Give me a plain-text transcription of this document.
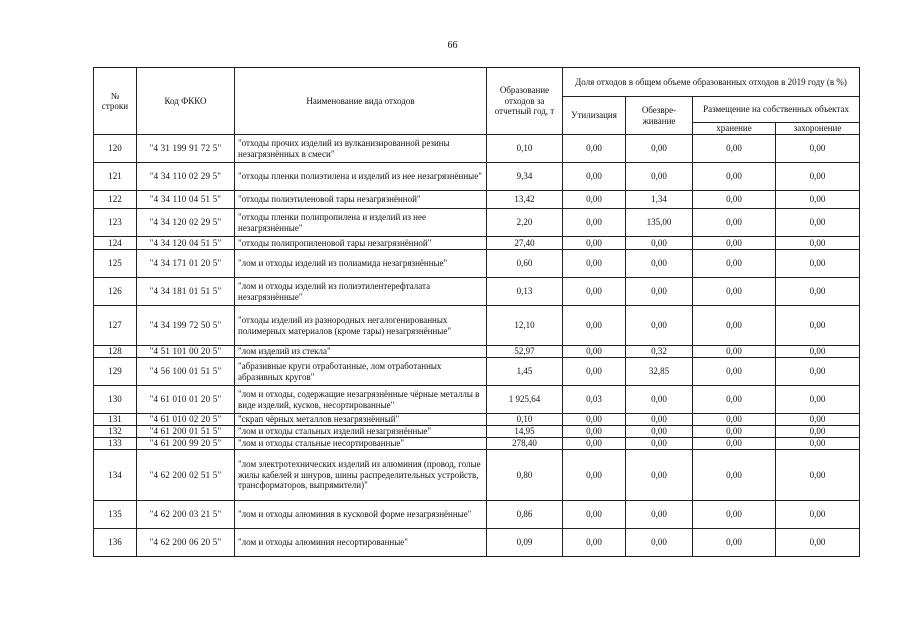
66
№ строки	Код ФККО	Наименование вида отходов	Образование отходов за отчетный год, т	Доля отходов в общем объеме образованных отходов в 2019 году (в %)			
				Утилизация	Обезвре- живание	Размещение на собственных объектах	
						хранение	захоронение
120	"4 31 199 91 72 5"	"отходы прочих изделий из вулканизированной резины незагрязнённых в смеси"	0,10	0,00	0,00	0,00	0,00
121	"4 34 110 02 29 5"	"отходы пленки полиэтилена и изделий из нее незагрязнённые"	9,34	0,00	0,00	0,00	0,00
122	"4 34 110 04 51 5"	"отходы полиэтиленовой тары незагрязнённой"	13,42	0,00	1,34	0,00	0,00
123	"4 34 120 02 29 5"	"отходы пленки полипропилена и изделий из нее незагрязнённые"	2,20	0,00	135,00	0,00	0,00
124	"4 34 120 04 51 5"	"отходы полипропиленовой тары незагрязнённой"	27,40	0,00	0,00	0,00	0,00
125	"4 34 171 01 20 5"	"лом и отходы изделий из полиамида незагрязнённые"	0,60	0,00	0,00	0,00	0,00
126	"4 34 181 01 51 5"	"лом и отходы изделий из полиэтилентерефталата незагрязнённые"	0,13	0,00	0,00	0,00	0,00
127	"4 34 199 72 50 5"	"отходы изделий из разнородных негалогенированных полимерных материалов (кроме тары) незагрязнённые"	12,10	0,00	0,00	0,00	0,00
128	"4 51 101 00 20 5"	"лом изделий из стекла"	52,97	0,00	0,32	0,00	0,00
129	"4 56 100 01 51 5"	"абразивные круги отработанные, лом отработанных абразивных кругов"	1,45	0,00	32,85	0,00	0,00
130	"4 61 010 01 20 5"	"лом и отходы, содержащие незагрязнённые чёрные металлы в виде изделий, кусков, несортированные"	1 925,64	0,03	0,00	0,00	0,00
131	"4 61 010 02 20 5"	"скрап чёрных металлов незагрязнённый"	0,10	0,00	0,00	0,00	0,00
132	"4 61 200 01 51 5"	"лом и отходы стальных изделий незагрязнённые"	14,95	0,00	0,00	0,00	0,00
133	"4 61 200 99 20 5"	"лом и отходы стальные несортированные"	278,40	0,00	0,00	0,00	0,00
134	"4 62 200 02 51 5"	"лом электротехнических изделий из алюминия (провод, голые жилы кабелей и шнуров, шины распределительных устройств, трансформаторов, выпрямители)"	0,80	0,00	0,00	0,00	0,00
135	"4 62 200 03 21 5"	"лом и отходы алюминия в кусковой форме незагрязнённые"	0,86	0,00	0,00	0,00	0,00
136	"4 62 200 06 20 5"	"лом и отходы алюминия несортированные"	0,09	0,00	0,00	0,00	0,00
